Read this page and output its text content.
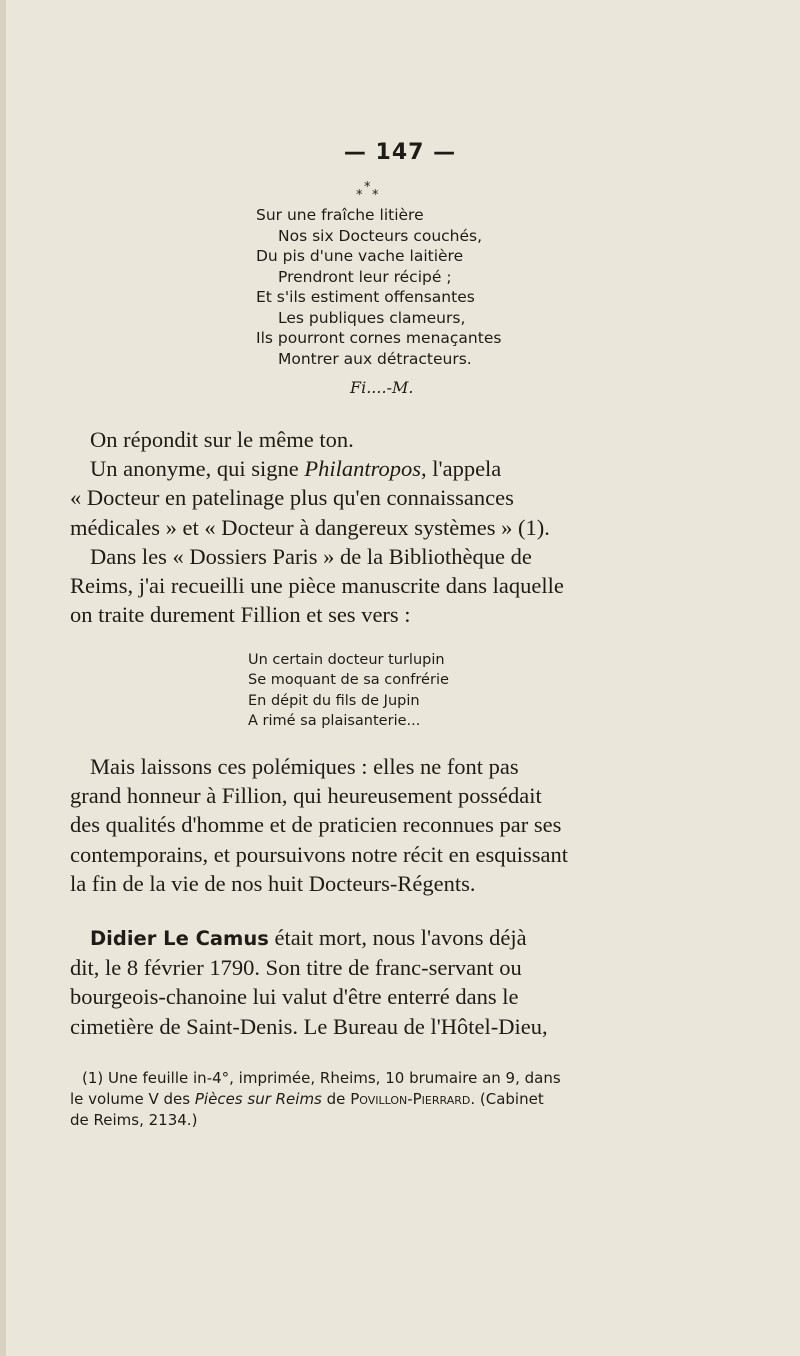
— 147 —
*
* *
Sur une fraîche litière
Nos six Docteurs couchés,
Du pis d'une vache laitière
Prendront leur récipé ;
Et s'ils estiment offensantes
Les publiques clameurs,
Ils pourront cornes menaçantes
Montrer aux détracteurs.
Fi....-M.

On répondit sur le même ton.

Un anonyme, qui signe Philantropos, l'appela

« Docteur en patelinage plus qu'en connaissances

médicales » et « Docteur à dangereux systèmes » (1).

Dans les « Dossiers Paris » de la Bibliothèque de

Reims, j'ai recueilli une pièce manuscrite dans laquelle

on traite durement Fillion et ses vers :

Un certain docteur turlupin
Se moquant de sa confrérie
En dépit du fils de Jupin
A rimé sa plaisanterie...

Mais laissons ces polémiques : elles ne font pas

grand honneur à Fillion, qui heureusement possédait

des qualités d'homme et de praticien reconnues par ses

contemporains, et poursuivons notre récit en esquissant

la fin de la vie de nos huit Docteurs-Régents.

Didier Le Camus était mort, nous l'avons déjà

dit, le 8 février 1790. Son titre de franc-servant ou

bourgeois-chanoine lui valut d'être enterré dans le

cimetière de Saint-Denis. Le Bureau de l'Hôtel-Dieu,

(1) Une feuille in-4°, imprimée, Rheims, 10 brumaire an 9, dans
le volume V des Pièces sur Reims de Povillon-Pierrard. (Cabinet
de Reims, 2134.)
